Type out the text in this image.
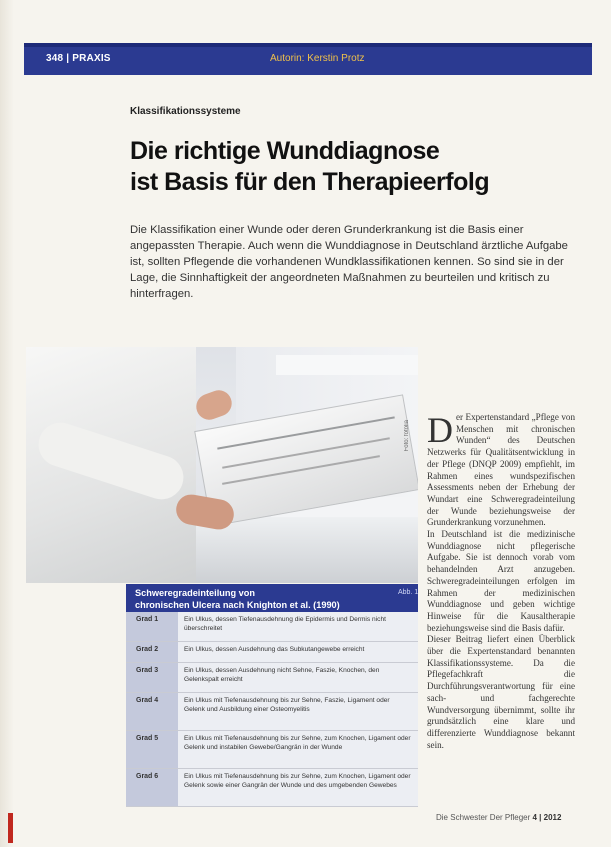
348 | PRAXIS	Autorin: Kerstin Protz
Klassifikationssysteme
Die richtige Wunddiagnose
ist Basis für den Therapieerfolg
Die Klassifikation einer Wunde oder deren Grunderkrankung ist die Basis einer angepassten Therapie. Auch wenn die Wunddiagnose in Deutschland ärztliche Aufgabe ist, sollten Pflegende die vorhandenen Wundklassifikationen kennen. So sind sie in der Lage, die Sinnhaftigkeit der angeordneten Maßnahmen zu beurteilen und kritisch zu hinterfragen.
Foto: fotolia
Schweregradeinteilung von
chronischen Ulcera nach Knighton et al. (1990)
Abb. 1
Grad 1	Ein Ulkus, dessen Tiefenausdehnung die Epidermis und Dermis nicht überschreitet
Grad 2	Ein Ulkus, dessen Ausdehnung das Subkutangewebe erreicht
Grad 3	Ein Ulkus, dessen Ausdehnung nicht Sehne, Faszie, Knochen, den Gelenkspalt erreicht
Grad 4	Ein Ulkus mit Tiefenausdehnung bis zur Sehne, Faszie, Ligament oder Gelenk und Ausbildung einer Osteomyelitis
Grad 5	Ein Ulkus mit Tiefenausdehnung bis zur Sehne, zum Knochen, Ligament oder Gelenk und instabilen Gewebe/Gangrän in der Wunde
Grad 6	Ein Ulkus mit Tiefenausdehnung bis zur Sehne, zum Knochen, Ligament oder Gelenk sowie einer Gangrän der Wunde und des umgebenden Gewebes
D er Expertenstandard „Pflege von Menschen mit chronischen Wunden“ des Deutschen Netzwerks für Qualitätsentwicklung in der Pflege (DNQP 2009) empfiehlt, im Rahmen eines wundspezifischen Assessments neben der Erhebung der Wundart eine Schweregradeinteilung der Wunde beziehungsweise der Grunderkrankung vorzunehmen.
In Deutschland ist die medizinische Wunddiagnose nicht pflegerische Aufgabe. Sie ist dennoch vorab vom behandelnden Arzt anzugeben. Schweregradeinteilungen erfolgen im Rahmen der medizinischen Wunddiagnose und geben wichtige Hinweise für die Kausaltherapie beziehungsweise sind die Basis dafür.
Dieser Beitrag liefert einen Überblick über die Expertenstandard benannten Klassifikationssysteme. Da die Pflegefachkraft die Durchführungsverantwortung für eine sach- und fachgerechte Wundversorgung übernimmt, sollte ihr grundsätzlich eine klare und differenzierte Wunddiagnose bekannt sein.
Die Schwester Der Pfleger 4 | 2012
